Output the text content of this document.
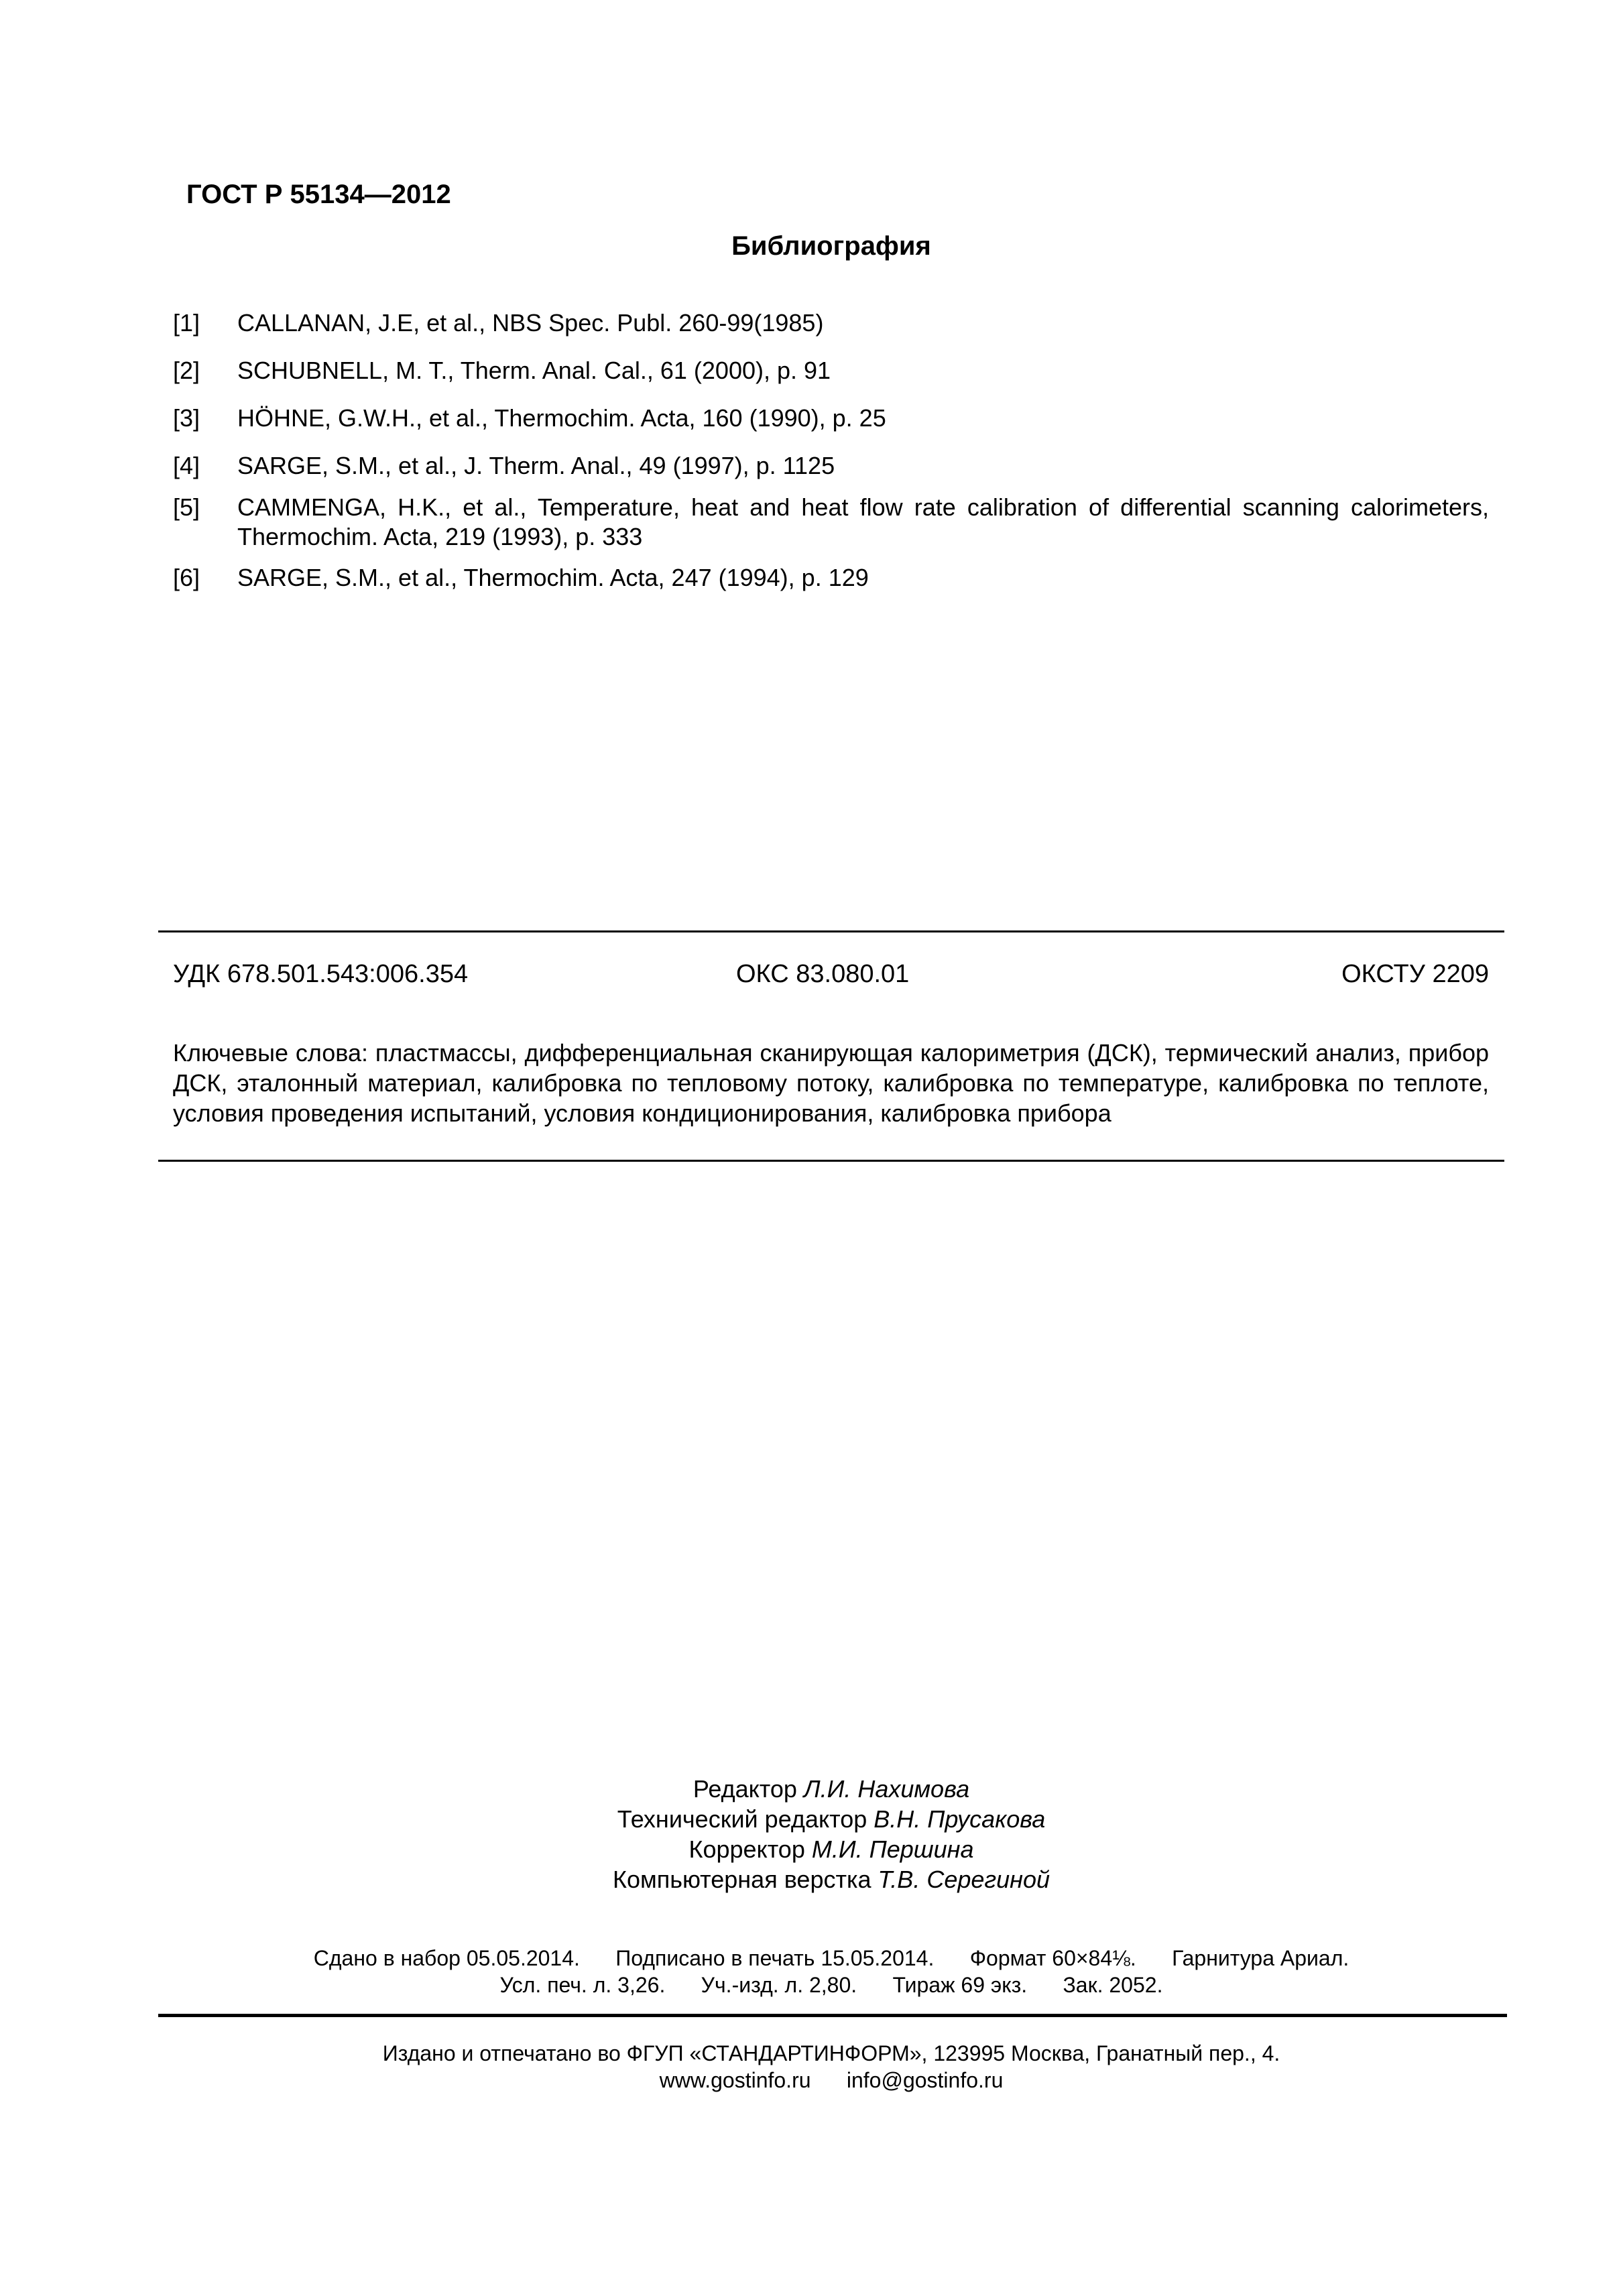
ГОСТ Р 55134—2012
Библиография
[1]	CALLANAN, J.E, et al., NBS Spec. Publ. 260-99(1985)
[2]	SCHUBNELL, M. T., Therm. Anal. Cal., 61 (2000), p. 91
[3]	HÖHNE, G.W.H., et al., Thermochim. Acta, 160 (1990), p. 25
[4]	SARGE, S.M., et al., J. Therm. Anal., 49 (1997), p. 1125
[5]	CAMMENGA, H.K., et al., Temperature, heat and heat flow rate calibration of differential scanning calorimeters, Thermochim. Acta, 219 (1993), p. 333
[6]	SARGE, S.M., et al., Thermochim. Acta, 247 (1994), p. 129
УДК 678.501.543:006.354	ОКС 83.080.01	ОКСТУ 2209
Ключевые слова: пластмассы, дифференциальная сканирующая калориметрия (ДСК), термический анализ, прибор ДСК, эталонный материал, калибровка по тепловому потоку, калибровка по температуре, калибровка по теплоте, условия проведения испытаний, условия кондиционирования, калибровка прибора
Редактор Л.И. Нахимова
Технический редактор В.Н. Прусакова
Корректор М.И. Першина
Компьютерная верстка Т.В. Серегиной
Сдано в набор 05.05.2014.      Подписано в печать 15.05.2014.      Формат 60×84⅛.      Гарнитура Ариал.
Усл. печ. л. 3,26.      Уч.-изд. л. 2,80.      Тираж 69 экз.      Зак. 2052.
Издано и отпечатано во ФГУП «СТАНДАРТИНФОРМ», 123995 Москва, Гранатный пер., 4.
www.gostinfo.ru info@gostinfo.ru
